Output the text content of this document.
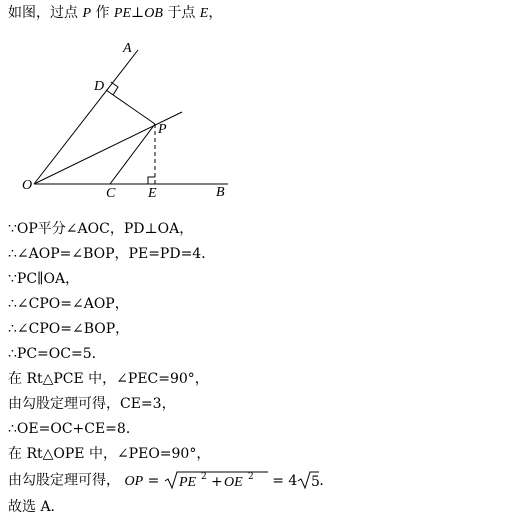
如图，过点 P 作 PE⊥OB 于点 E，
A
D
P
O
C E	B
∵OP平分∠AOC，PD⊥OA，
∴∠AOP=∠BOP，PE=PD=4．
∵PC∥OA，
∴∠CPO=∠AOP，
∴∠CPO=∠BOP，
∴PC=OC=5．
在 Rt△PCE 中，∠PEC=90°，
由勾股定理可得，CE=3，
∴OE=OC+CE=8．
在 Rt△OPE 中，∠PEO=90°，
由勾股定理可得， OP = PE 2 + OE 2 = 4 5 ．
故选 A．
